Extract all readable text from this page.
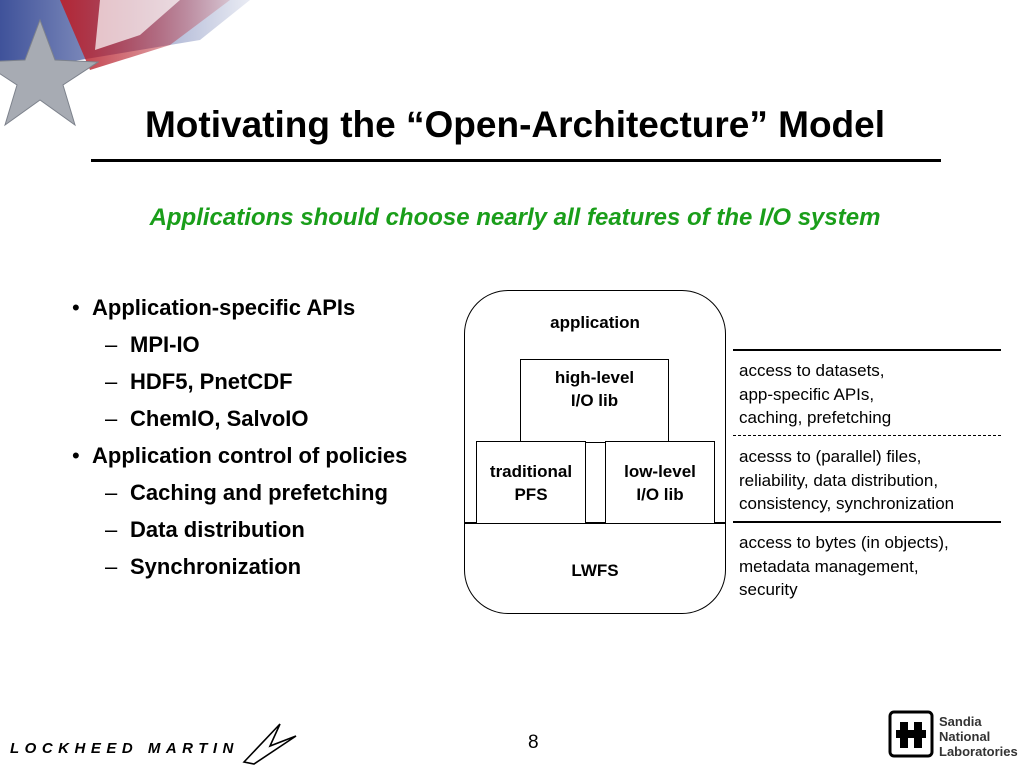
Motivating the “Open-Architecture” Model
Applications should choose nearly all features of the I/O system
• Application-specific APIs
– MPI-IO
– HDF5, PnetCDF
– ChemIO, SalvoIO
• Application control of policies
– Caching and prefetching
– Data distribution
– Synchronization
application
high-level
I/O lib
traditional
PFS
low-level
I/O lib
LWFS
access to datasets,
app-specific APIs,
caching, prefetching
acesss to (parallel) files,
reliability, data distribution,
consistency, synchronization
access to bytes (in objects),
metadata management,
security
8
LOCKHEED MARTIN
Sandia
National
Laboratories
